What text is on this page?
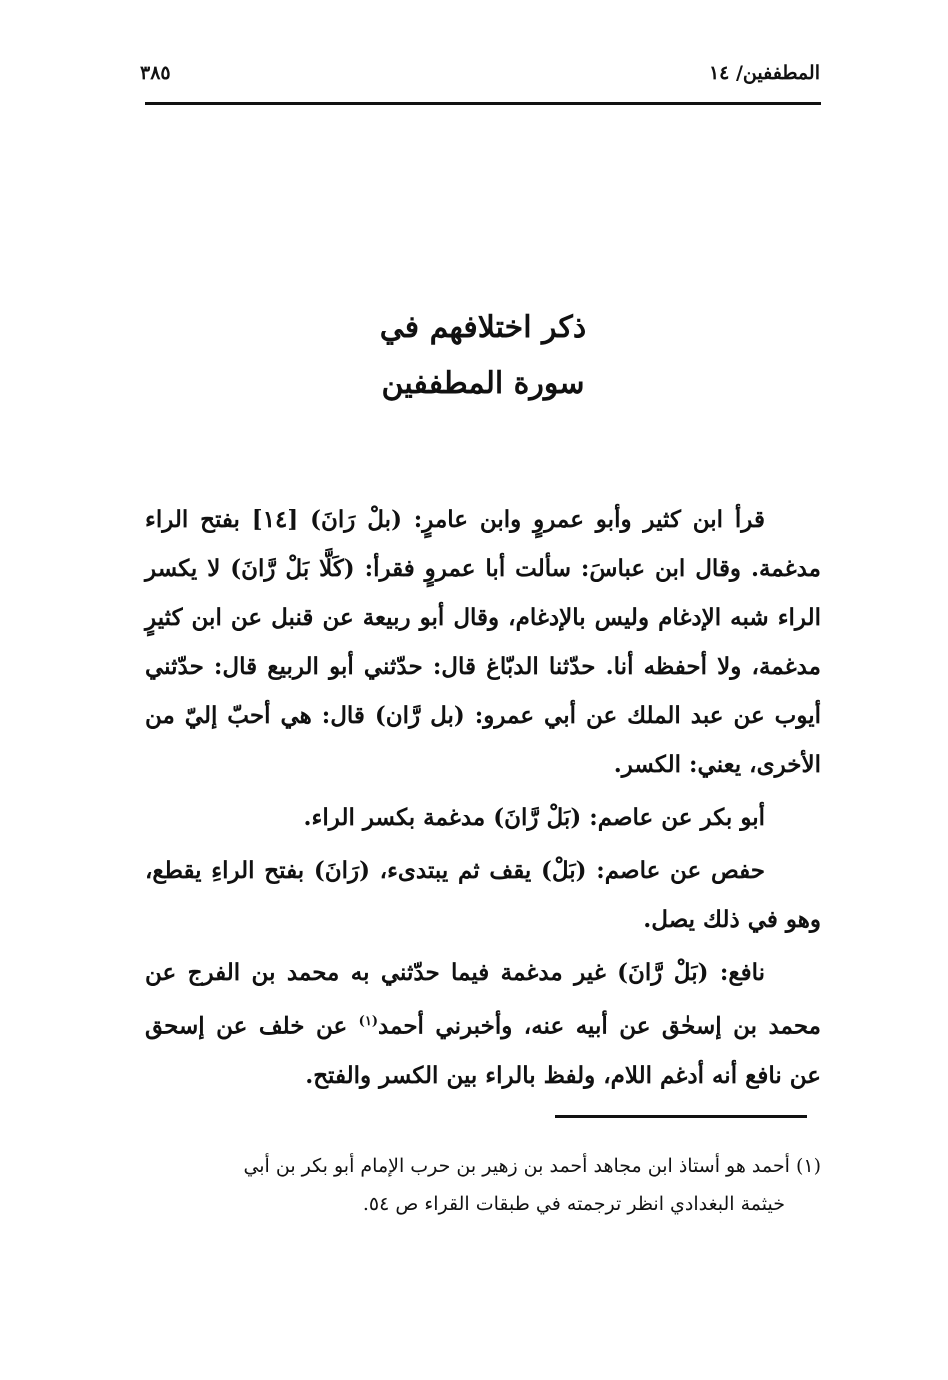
المطففين/ ١٤
٣٨٥
ذكر اختلافهم في
سورة المطففين

قرأ ابن كثير وأبو عمروٍ وابن عامرٍ: (بلْ رَانَ) [١٤] بفتح الراء مدغمة. وقال ابن عباسَ: سألت أبا عمروٍ فقرأ: (كَلَّا بَلْ رَّانَ) لا يكسر الراء شبه الإدغام وليس بالإدغام، وقال أبو ربيعة عن قنبل عن ابن كثيرٍ مدغمة، ولا أحفظه أنا. حدّثنا الدبّاغ قال: حدّثني أبو الربيع قال: حدّثني أيوب عن عبد الملك عن أبي عمرو: (بل رَّان) قال: هي أحبّ إليّ من الأخرى، يعني: الكسر.

أبو بكر عن عاصم: (بَلْ رَّانَ) مدغمة بكسر الراء.

حفص عن عاصم: (بَلْ) يقف ثم يبتدىء، (رَانَ) بفتح الراءِ يقطع، وهو في ذلك يصل.

نافع: (بَلْ رَّانَ) غير مدغمة فيما حدّثني به محمد بن الفرج عن محمد بن إسحٰق عن أبيه عنه، وأخبرني أحمد$^{(١)}$ عن خلف عن إسحق عن نافع أنه أدغم اللام، ولفظ بالراء بين الكسر والفتح.

(١) أحمد هو أستاذ ابن مجاهد أحمد بن زهير بن حرب الإمام أبو بكر بن أبي
خيثمة البغدادي انظر ترجمته في طبقات القراء ص ٥٤.
